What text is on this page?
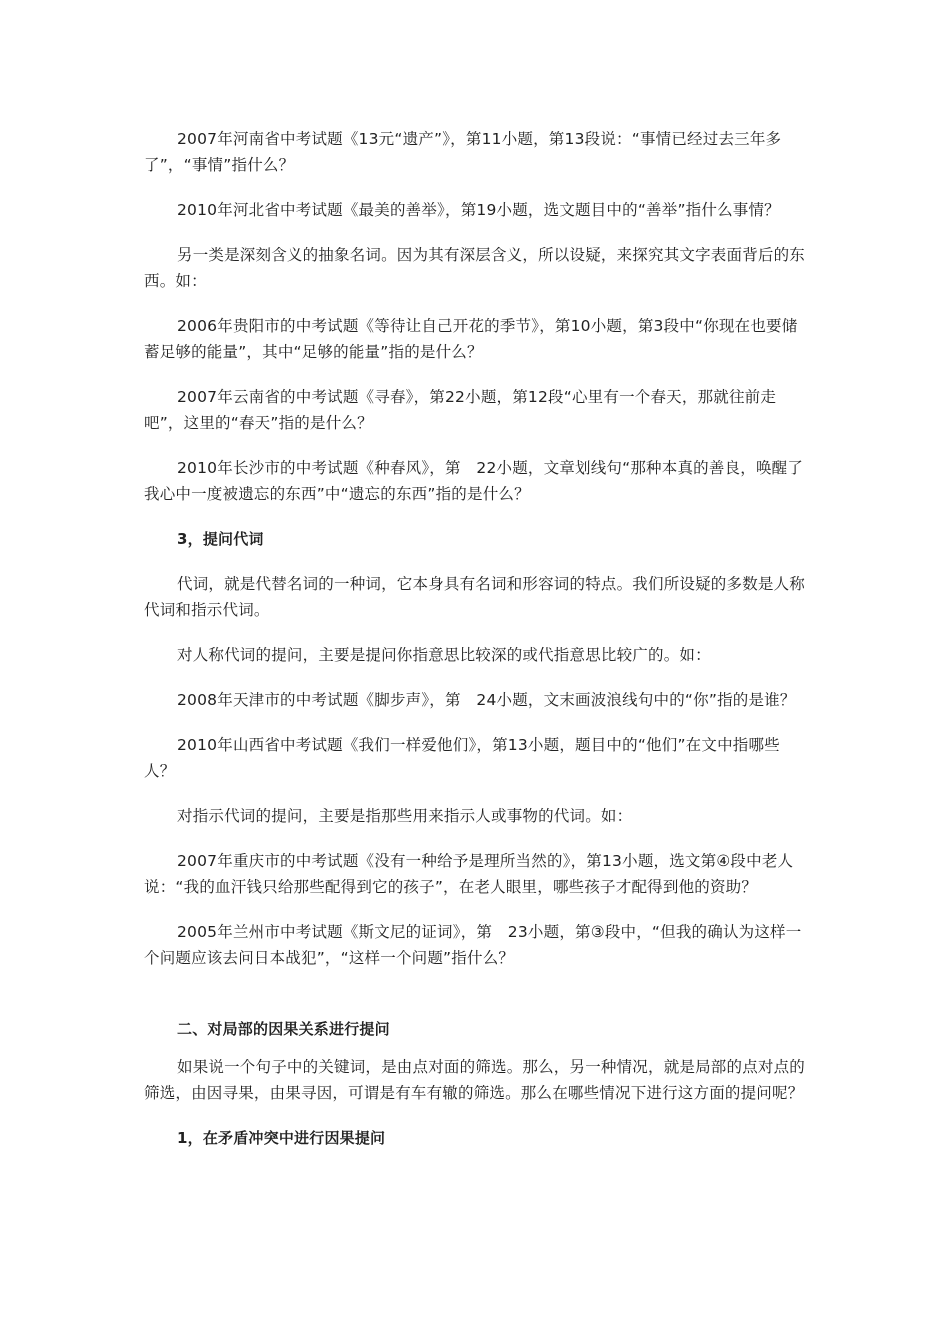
2007年河南省中考试题《13元“遗产”》，第11小题，第13段说：“事情已经过去三年多了”，“事情”指什么？

2010年河北省中考试题《最美的善举》，第19小题，选文题目中的“善举”指什么事情？

另一类是深刻含义的抽象名词。因为其有深层含义，所以设疑，来探究其文字表面背后的东西。如：

2006年贵阳市的中考试题《等待让自己开花的季节》，第10小题，第3段中“你现在也要储蓄足够的能量”，其中“足够的能量”指的是什么？

2007年云南省的中考试题《寻春》，第22小题，第12段“心里有一个春天，那就往前走吧”，这里的“春天”指的是什么？

2010年长沙市的中考试题《种春风》，第　22小题，文章划线句“那种本真的善良，唤醒了我心中一度被遗忘的东西”中“遗忘的东西”指的是什么？

3，提问代词

代词，就是代替名词的一种词，它本身具有名词和形容词的特点。我们所设疑的多数是人称代词和指示代词。

对人称代词的提问，主要是提问你指意思比较深的或代指意思比较广的。如：

2008年天津市的中考试题《脚步声》，第　24小题，文末画波浪线句中的“你”指的是谁？

2010年山西省中考试题《我们一样爱他们》，第13小题，题目中的“他们”在文中指哪些人？

对指示代词的提问，主要是指那些用来指示人或事物的代词。如：

2007年重庆市的中考试题《没有一种给予是理所当然的》，第13小题，选文第④段中老人说：“我的血汗钱只给那些配得到它的孩子”，在老人眼里，哪些孩子才配得到他的资助？

2005年兰州市中考试题《斯文尼的证词》，第　23小题，第③段中，“但我的确认为这样一个问题应该去问日本战犯”，“这样一个问题”指什么？

二、对局部的因果关系进行提问

如果说一个句子中的关键词，是由点对面的筛选。那么，另一种情况，就是局部的点对点的筛选，由因寻果，由果寻因，可谓是有车有辙的筛选。那么在哪些情况下进行这方面的提问呢？

1，在矛盾冲突中进行因果提问
